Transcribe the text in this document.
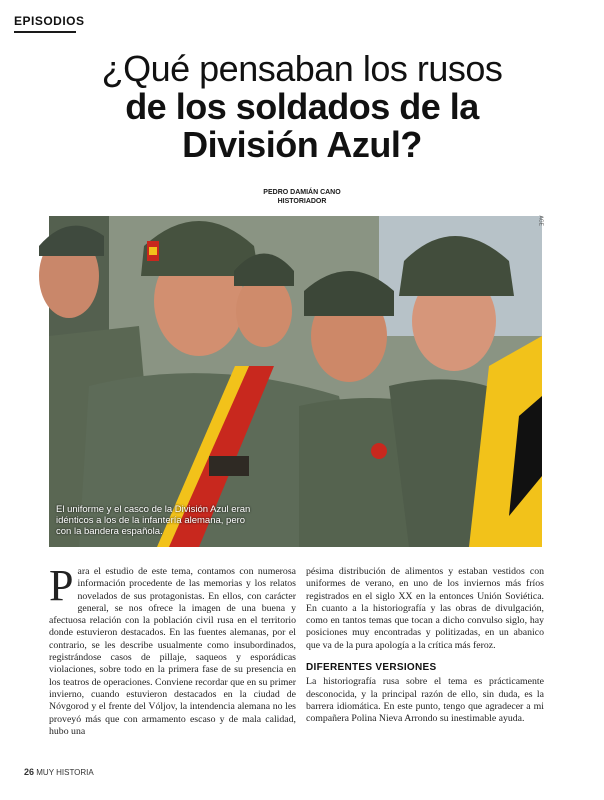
EPISODIOS
¿Qué pensaban los rusos
de los soldados de la
División Azul?
PEDRO DAMIÁN CANO
HISTORIADOR
AGE
El uniforme y el casco de la División Azul eran idénticos a los de la infantería alemana, pero con la bandera española.
P ara el estudio de este tema, contamos con numerosa información procedente de las memorias y los relatos novelados de sus protagonistas. En ellos, con carácter general, se nos ofrece la imagen de una buena y afectuosa relación con la población civil rusa en el territorio donde estuvieron destacados. En las fuentes alemanas, por el contrario, se les describe usualmente como insubordinados, registrándose casos de pillaje, saqueos y esporádicas violaciones, sobre todo en la primera fase de su presencia en los teatros de operaciones. Conviene recordar que en su primer invierno, cuando estuvieron destacados en la ciudad de Nóvgorod y el frente del Vóljov, la intendencia alemana no les proveyó más que con armamento escaso y de mala calidad, hubo una

pésima distribución de alimentos y estaban vestidos con uniformes de verano, en uno de los inviernos más fríos registrados en el siglo XX en la entonces Unión Soviética. En cuanto a la historiografía y las obras de divulgación, como en tantos temas que tocan a dicho convulso siglo, hay posiciones muy encontradas y politizadas, en un abanico que va de la pura apología a la crítica más feroz.

DIFERENTES VERSIONES

La historiografía rusa sobre el tema es prácticamente desconocida, y la principal razón de ello, sin duda, es la barrera idiomática. En este punto, tengo que agradecer a mi compañera Polina Nieva Arrondo su inestimable ayuda.

26 MUY HISTORIA
